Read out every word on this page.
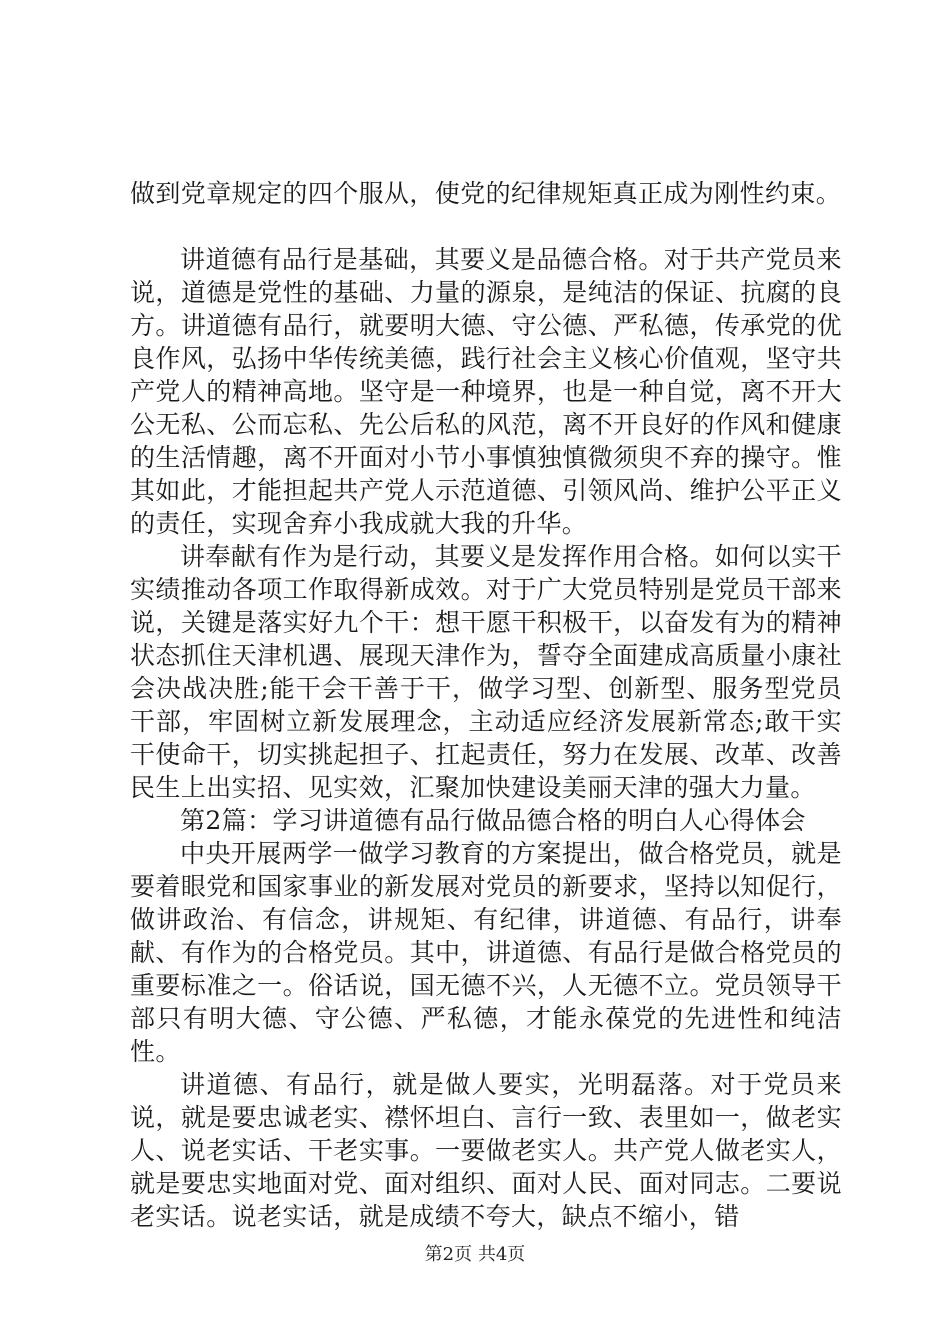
做到党章规定的四个服从，使党的纪律规矩真正成为刚性约束。

讲道德有品行是基础，其要义是品德合格。对于共产党员来说，道德是党性的基础、力量的源泉，是纯洁的保证、抗腐的良方。讲道德有品行，就要明大德、守公德、严私德，传承党的优良作风，弘扬中华传统美德，践行社会主义核心价值观，坚守共产党人的精神高地。坚守是一种境界，也是一种自觉，离不开大公无私、公而忘私、先公后私的风范，离不开良好的作风和健康的生活情趣，离不开面对小节小事慎独慎微须臾不弃的操守。惟其如此，才能担起共产党人示范道德、引领风尚、维护公平正义的责任，实现舍弃小我成就大我的升华。

讲奉献有作为是行动，其要义是发挥作用合格。如何以实干实绩推动各项工作取得新成效。对于广大党员特别是党员干部来说，关键是落实好九个干：想干愿干积极干，以奋发有为的精神状态抓住天津机遇、展现天津作为，誓夺全面建成高质量小康社会决战决胜;能干会干善于干，做学习型、创新型、服务型党员干部，牢固树立新发展理念，主动适应经济发展新常态;敢干实干使命干，切实挑起担子、扛起责任，努力在发展、改革、改善民生上出实招、见实效，汇聚加快建设美丽天津的强大力量。

第2篇：学习讲道德有品行做品德合格的明白人心得体会

中央开展两学一做学习教育的方案提出，做合格党员，就是要着眼党和国家事业的新发展对党员的新要求，坚持以知促行，做讲政治、有信念，讲规矩、有纪律，讲道德、有品行，讲奉献、有作为的合格党员。其中，讲道德、有品行是做合格党员的重要标准之一。俗话说，国无德不兴，人无德不立。党员领导干部只有明大德、守公德、严私德，才能永葆党的先进性和纯洁性。

讲道德、有品行，就是做人要实，光明磊落。对于党员来说，就是要忠诚老实、襟怀坦白、言行一致、表里如一，做老实人、说老实话、干老实事。一要做老实人。共产党人做老实人，就是要忠实地面对党、面对组织、面对人民、面对同志。二要说老实话。说老实话，就是成绩不夸大，缺点不缩小，错

第2页 共4页
